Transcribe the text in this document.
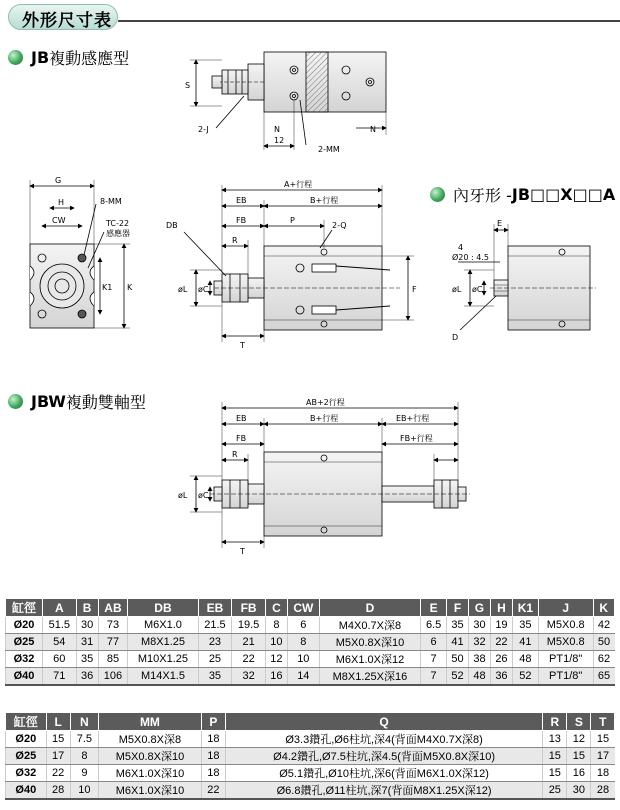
外形尺寸表
JB 複動感應型
內牙形 - JB□□X□□A
JBW 複動雙軸型
S
2-J	N	N
12
2-MM
G
H
CW
8-MM
TC-22
感應器
K1 K
A+行程
EB	B+行程
DB
FB	P
2-Q
R
øL øC	F
T
E
4
Ø20 : 4.5
øL øC
D
AB+2行程
EB	B+行程	EB+行程
FB	FB+行程
R
øL øC
T
缸徑	A	B	AB	DB	EB	FB	C	CW	D	E	F	G	H	K1	J	K
Ø20	51.5	30	73	M6X1.0	21.5	19.5	8	6	M4X0.7X深8	6.5	35	30	19	35	M5X0.8	42
Ø25	54	31	77	M8X1.25	23	21	10	8	M5X0.8X深10	6	41	32	22	41	M5X0.8	50
Ø32	60	35	85	M10X1.25	25	22	12	10	M6X1.0X深12	7	50	38	26	48	PT1/8"	62
Ø40	71	36	106	M14X1.5	35	32	16	14	M8X1.25X深16	7	52	48	36	52	PT1/8"	65
缸徑	L	N	MM	P	Q	R	S	T
Ø20	15	7.5	M5X0.8X深8	18	Ø3.3鑽孔,Ø6柱坑,深4(背面M4X0.7X深8)	13	12	15
Ø25	17	8	M5X0.8X深10	18	Ø4.2鑽孔,Ø7.5柱坑,深4.5(背面M5X0.8X深10)	15	15	17
Ø32	22	9	M6X1.0X深10	18	Ø5.1鑽孔,Ø10柱坑,深6(背面M6X1.0X深12)	15	16	18
Ø40	28	10	M6X1.0X深10	22	Ø6.8鑽孔,Ø11柱坑,深7(背面M8X1.25X深12)	25	30	28
